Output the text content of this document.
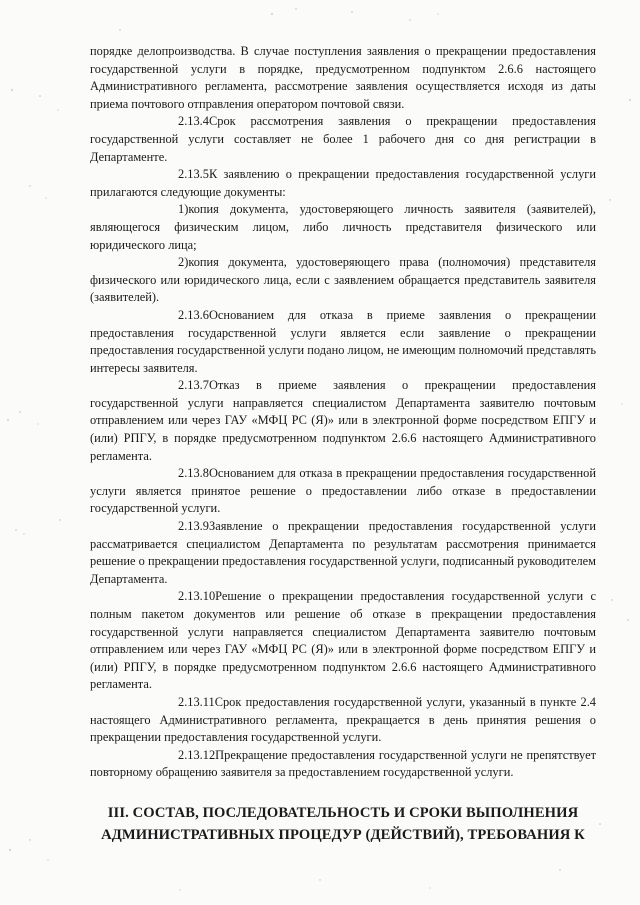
порядке делопроизводства. В случае поступления заявления о прекращении предоставления государственной услуги в порядке, предусмотренном подпунктом 2.6.6 настоящего Административного регламента, рассмотрение заявления осуществляется исходя из даты приема почтового отправления оператором почтовой связи.

2.13.4Срок рассмотрения заявления о прекращении предоставления государственной услуги составляет не более 1 рабочего дня со дня регистрации в Департаменте.

2.13.5К заявлению о прекращении предоставления государственной услуги прилагаются следующие документы:

1)копия документа, удостоверяющего личность заявителя (заявителей), являющегося физическим лицом, либо личность представителя физического или юридического лица;

2)копия документа, удостоверяющего права (полномочия) представителя физического или юридического лица, если с заявлением обращается представитель заявителя (заявителей).

2.13.6Основанием для отказа в приеме заявления о прекращении предоставления государственной услуги является если заявление о прекращении предоставления государственной услуги подано лицом, не имеющим полномочий представлять интересы заявителя.

2.13.7Отказ в приеме заявления о прекращении предоставления государственной услуги направляется специалистом Департамента заявителю почтовым отправлением или через ГАУ «МФЦ РС (Я)» или в электронной форме посредством ЕПГУ и (или) РПГУ, в порядке предусмотренном подпунктом 2.6.6 настоящего Административного регламента.

2.13.8Основанием для отказа в прекращении предоставления государственной услуги является принятое решение о предоставлении либо отказе в предоставлении государственной услуги.

2.13.9Заявление о прекращении предоставления государственной услуги рассматривается специалистом Департамента по результатам рассмотрения принимается решение о прекращении предоставления государственной услуги, подписанный руководителем Департамента.

2.13.10Решение о прекращении предоставления государственной услуги с полным пакетом документов или решение об отказе в прекращении предоставления государственной услуги направляется специалистом Департамента заявителю почтовым отправлением или через ГАУ «МФЦ РС (Я)» или в электронной форме посредством ЕПГУ и (или) РПГУ, в порядке предусмотренном подпунктом 2.6.6 настоящего Административного регламента.

2.13.11Срок предоставления государственной услуги, указанный в пункте 2.4 настоящего Административного регламента, прекращается в день принятия решения о прекращении предоставления государственной услуги.

2.13.12Прекращение предоставления государственной услуги не препятствует повторному обращению заявителя за предоставлением государственной услуги.

III. СОСТАВ, ПОСЛЕДОВАТЕЛЬНОСТЬ И СРОКИ ВЫПОЛНЕНИЯ
АДМИНИСТРАТИВНЫХ ПРОЦЕДУР (ДЕЙСТВИЙ), ТРЕБОВАНИЯ К
